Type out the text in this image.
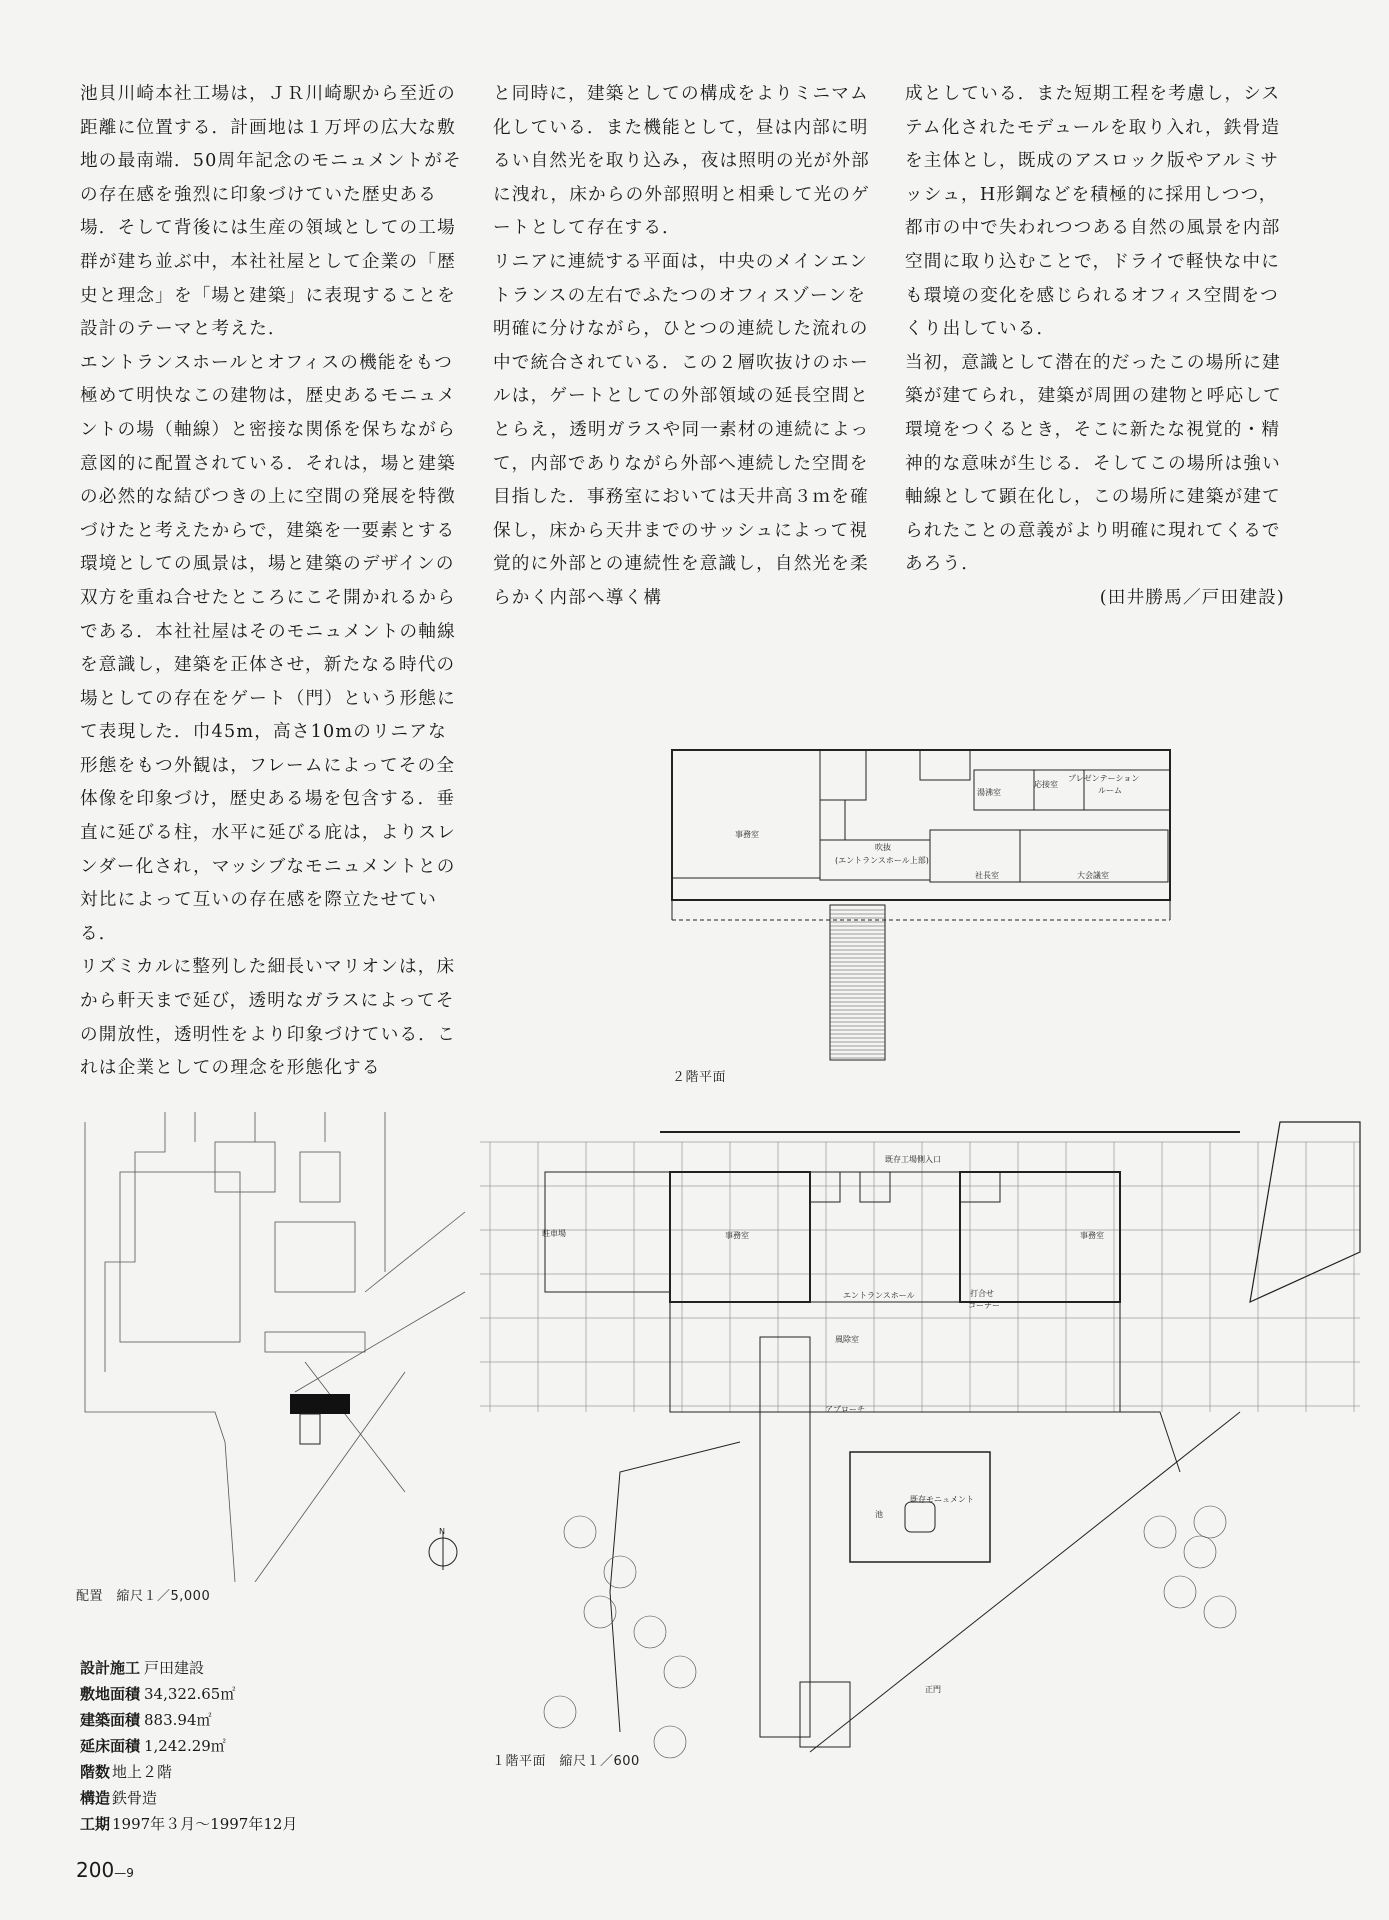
池貝川崎本社工場は，ＪＲ川崎駅から至近の距離に位置する．計画地は１万坪の広大な敷地の最南端．50周年記念のモニュメントがその存在感を強烈に印象づけていた歴史ある場．そして背後には生産の領域としての工場群が建ち並ぶ中，本社社屋として企業の「歴史と理念」を「場と建築」に表現することを設計のテーマと考えた．

エントランスホールとオフィスの機能をもつ極めて明快なこの建物は，歴史あるモニュメントの場（軸線）と密接な関係を保ちながら意図的に配置されている．それは，場と建築の必然的な結びつきの上に空間の発展を特徴づけたと考えたからで，建築を一要素とする環境としての風景は，場と建築のデザインの双方を重ね合せたところにこそ開かれるからである．本社社屋はそのモニュメントの軸線を意識し，建築を正体させ，新たなる時代の場としての存在をゲート（門）という形態にて表現した．巾45m，高さ10mのリニアな形態をもつ外観は，フレームによってその全体像を印象づけ，歴史ある場を包含する．垂直に延びる柱，水平に延びる庇は，よりスレンダー化され，マッシブなモニュメントとの対比によって互いの存在感を際立たせている．

リズミカルに整列した細長いマリオンは，床から軒天まで延び，透明なガラスによってその開放性，透明性をより印象づけている．これは企業としての理念を形態化する

と同時に，建築としての構成をよりミニマム化している．また機能として，昼は内部に明るい自然光を取り込み，夜は照明の光が外部に洩れ，床からの外部照明と相乗して光のゲートとして存在する．

リニアに連続する平面は，中央のメインエントランスの左右でふたつのオフィスゾーンを明確に分けながら，ひとつの連続した流れの中で統合されている．この２層吹抜けのホールは，ゲートとしての外部領域の延長空間ととらえ，透明ガラスや同一素材の連続によって，内部でありながら外部へ連続した空間を目指した．事務室においては天井高３ｍを確保し，床から天井までのサッシュによって視覚的に外部との連続性を意識し，自然光を柔らかく内部へ導く構

成としている．また短期工程を考慮し，システム化されたモデュールを取り入れ，鉄骨造を主体とし，既成のアスロック版やアルミサッシュ，H形鋼などを積極的に採用しつつ，都市の中で失われつつある自然の風景を内部空間に取り込むことで，ドライで軽快な中にも環境の変化を感じられるオフィス空間をつくり出している．

当初，意識として潜在的だったこの場所に建築が建てられ，建築が周囲の建物と呼応して環境をつくるとき，そこに新たな視覚的・精神的な意味が生じる．そしてこの場所は強い軸線として顕在化し，この場所に建築が建てられたことの意義がより明確に現れてくるであろう．

(田井勝馬／戸田建設)

事務室
吹抜
(エントランスホール上部)
湯沸室
応接室
プレゼンテーション
ルーム
社長室	大会議室
２階平面
N
配置　縮尺１／5,000
既存工場側入口
駐車場	事務室	事務室
エントランスホール	打合せ
コーナー
風除室
アプローチ
既存モニュメント
池
正門
１階平面　縮尺１／600
設計施工 戸田建設
敷地面積 34,322.65㎡
建築面積 883.94㎡
延床面積 1,242.29㎡
階数 地上２階
構造 鉄骨造
工期 1997年３月～1997年12月
200—9
